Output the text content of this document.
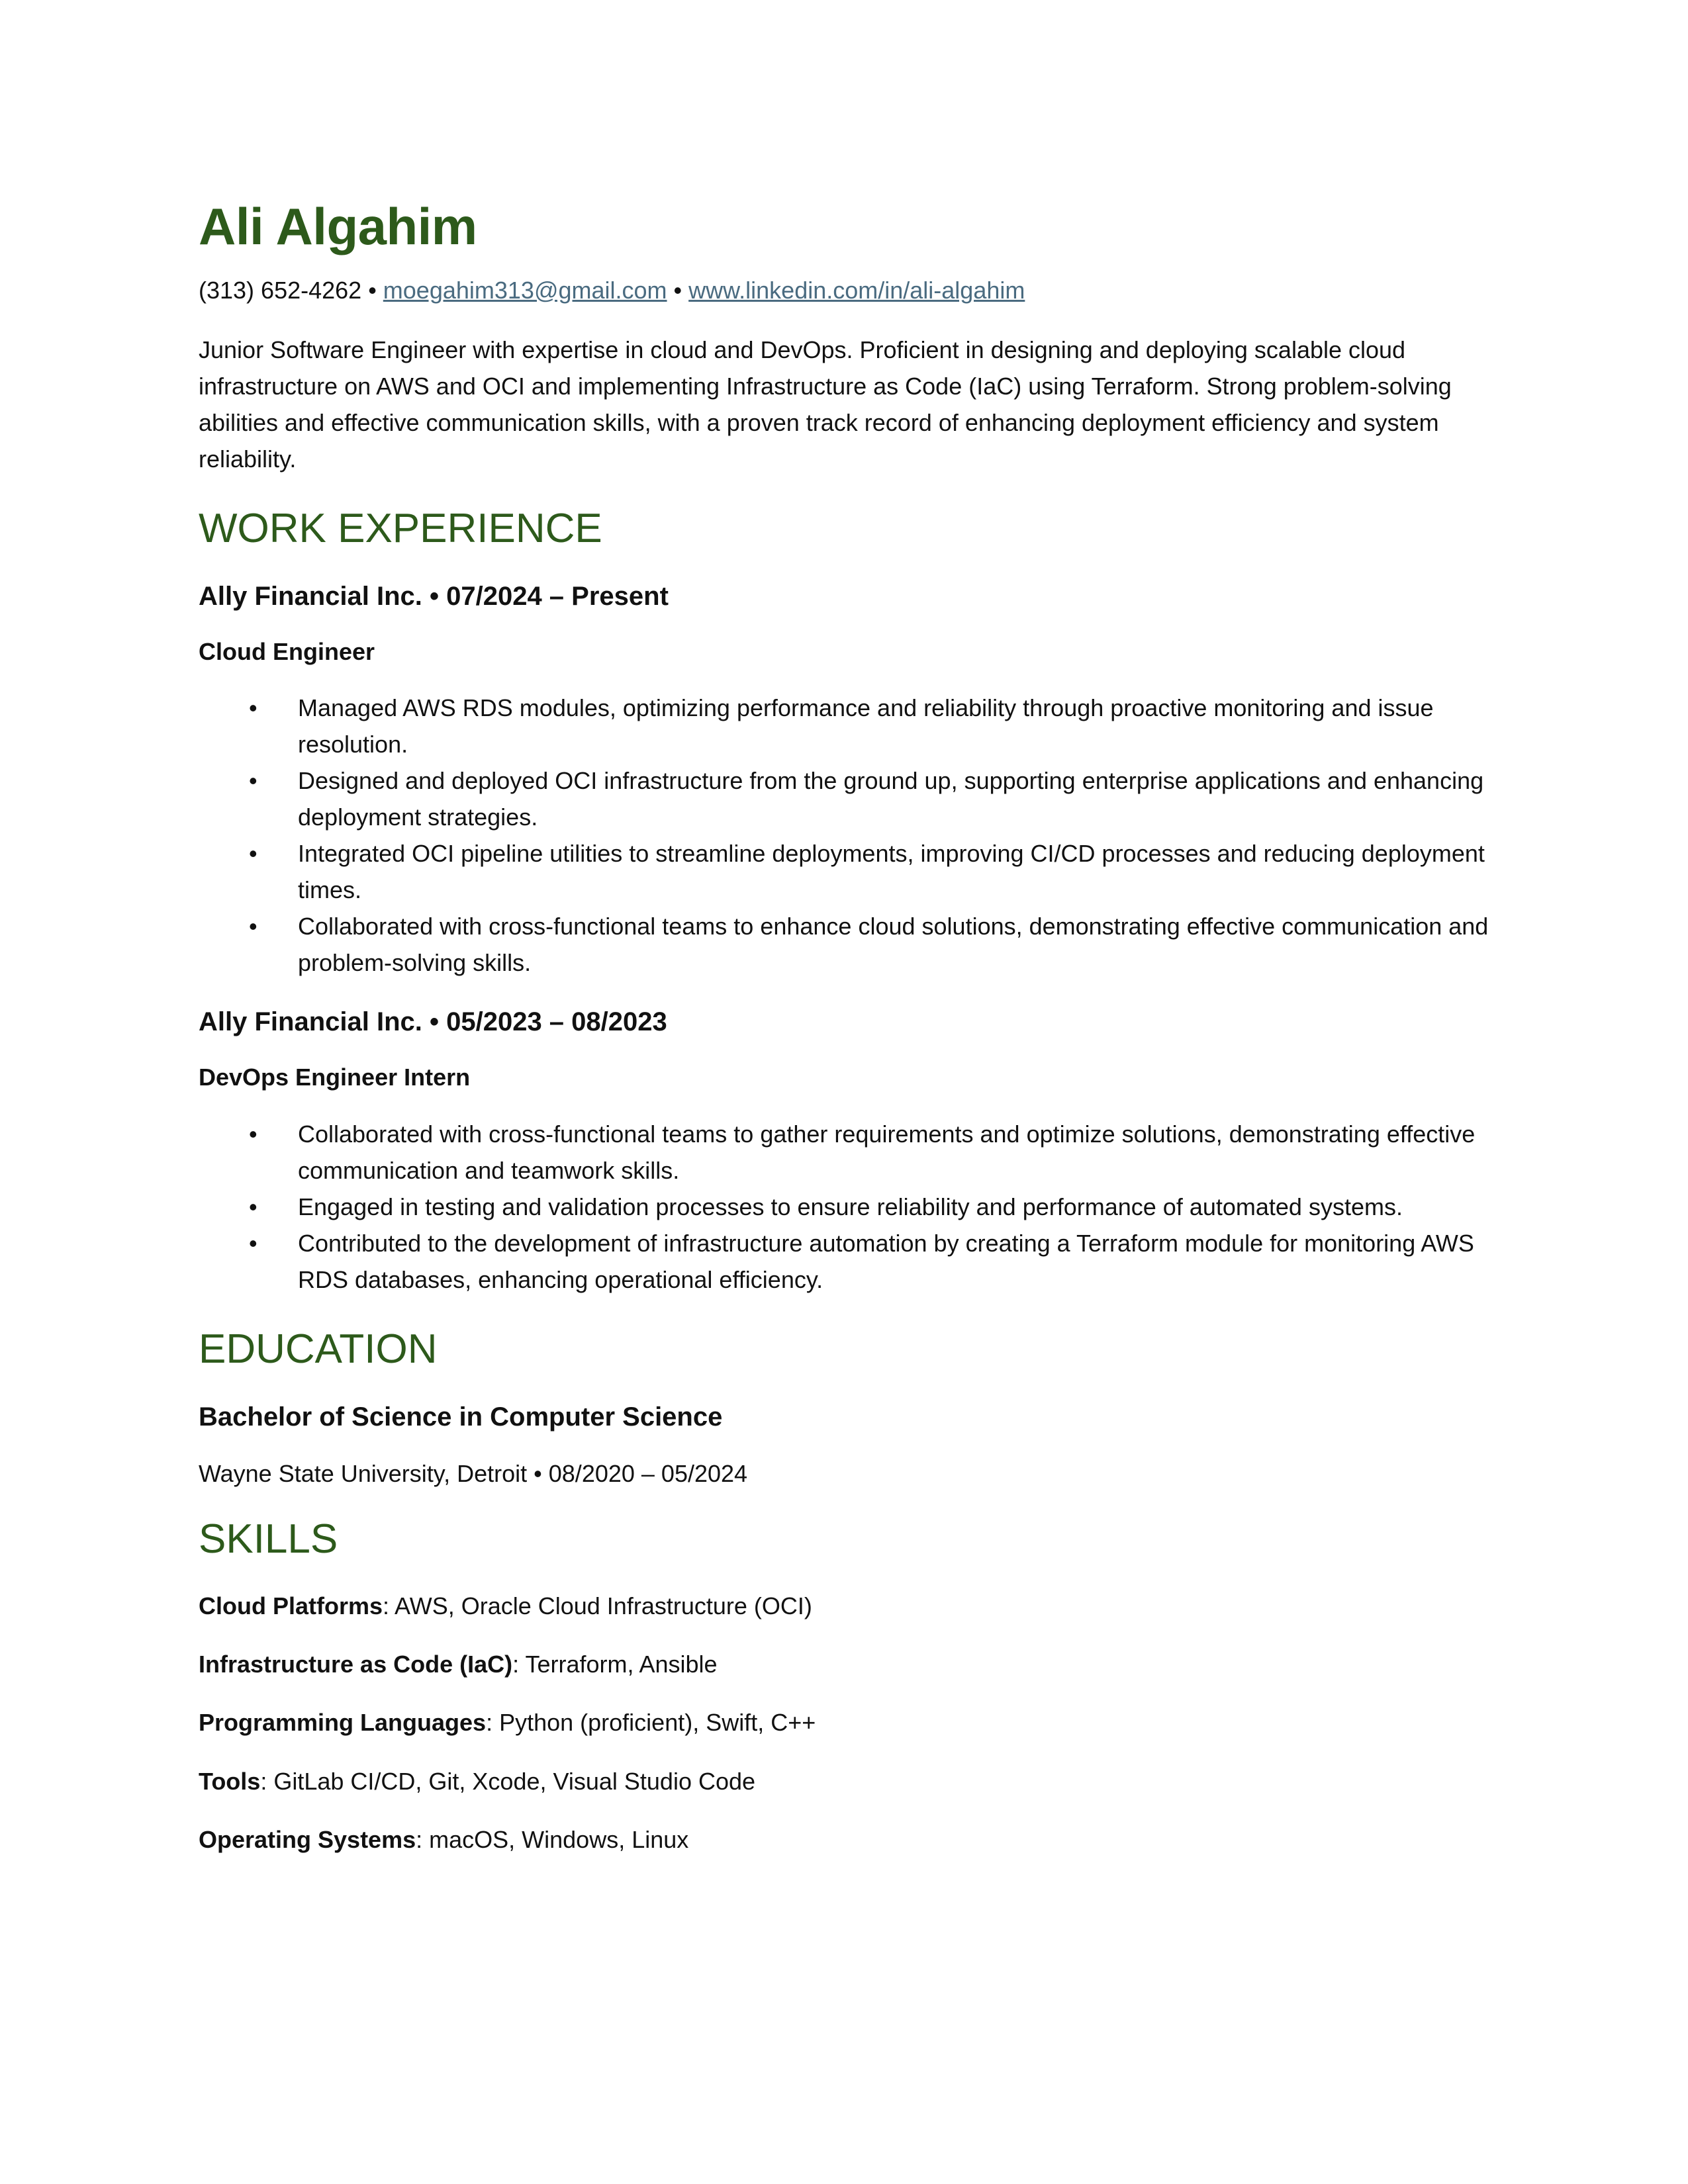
Ali Algahim
(313) 652-4262 • moegahim313@gmail.com • www.linkedin.com/in/ali-algahim
Junior Software Engineer with expertise in cloud and DevOps. Proficient in designing and deploying scalable cloud infrastructure on AWS and OCI and implementing Infrastructure as Code (IaC) using Terraform. Strong problem-solving abilities and effective communication skills, with a proven track record of enhancing deployment efficiency and system reliability.
WORK EXPERIENCE
Ally Financial Inc. • 07/2024 – Present
Cloud Engineer
• Managed AWS RDS modules, optimizing performance and reliability through proactive monitoring and issue resolution.
• Designed and deployed OCI infrastructure from the ground up, supporting enterprise applications and enhancing deployment strategies.
• Integrated OCI pipeline utilities to streamline deployments, improving CI/CD processes and reducing deployment times.
• Collaborated with cross-functional teams to enhance cloud solutions, demonstrating effective communication and problem-solving skills.
Ally Financial Inc. • 05/2023 – 08/2023
DevOps Engineer Intern
• Collaborated with cross-functional teams to gather requirements and optimize solutions, demonstrating effective communication and teamwork skills.
• Engaged in testing and validation processes to ensure reliability and performance of automated systems.
• Contributed to the development of infrastructure automation by creating a Terraform module for monitoring AWS RDS databases, enhancing operational efficiency.
EDUCATION
Bachelor of Science in Computer Science
Wayne State University, Detroit • 08/2020 – 05/2024
SKILLS
Cloud Platforms: AWS, Oracle Cloud Infrastructure (OCI)
Infrastructure as Code (IaC): Terraform, Ansible
Programming Languages: Python (proficient), Swift, C++
Tools: GitLab CI/CD, Git, Xcode, Visual Studio Code
Operating Systems: macOS, Windows, Linux
